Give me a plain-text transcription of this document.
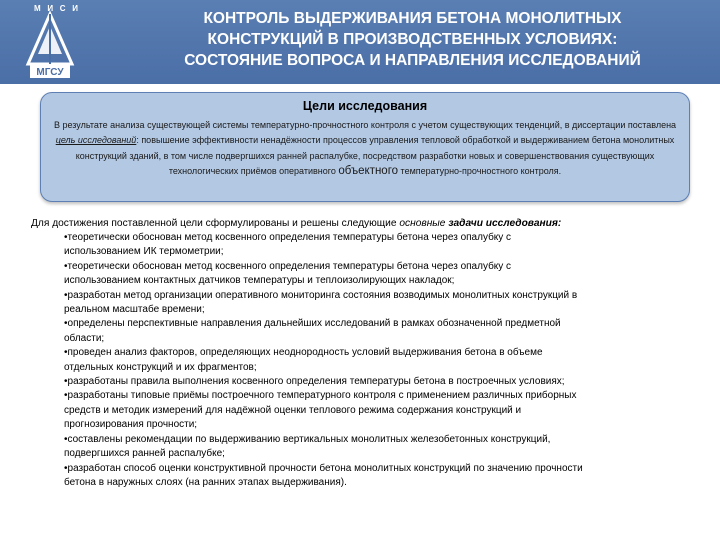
М И С И
МГСУ
КОНТРОЛЬ ВЫДЕРЖИВАНИЯ БЕТОНА МОНОЛИТНЫХ
КОНСТРУКЦИЙ В ПРОИЗВОДСТВЕННЫХ УСЛОВИЯХ:
СОСТОЯНИЕ ВОПРОСА И НАПРАВЛЕНИЯ ИССЛЕДОВАНИЙ
Цели исследования
В результате анализа существующей системы температурно-прочностного контроля с учетом существующих тенденций, в диссертации поставлена цель исследований: повышение эффективности ненадёжности процессов управления тепловой обработкой и выдерживанием бетона монолитных конструкций зданий, в том числе подвергшихся ранней распалубке, посредством разработки новых и совершенствования существующих технологических приёмов оперативного объектного температурно-прочностного контроля.
Для достижения поставленной цели сформулированы и решены следующие основные задачи исследования:
•теоретически обоснован метод косвенного определения температуры бетона через опалубку с
использованием ИК термометрии;
•теоретически обоснован метод косвенного определения температуры бетона через опалубку с
использованием контактных датчиков температуры и теплоизолирующих накладок;
•разработан метод организации оперативного мониторинга состояния возводимых монолитных конструкций в
реальном масштабе времени;
•определены перспективные направления дальнейших исследований в рамках обозначенной предметной
области;
•проведен анализ факторов, определяющих неоднородность условий выдерживания бетона в объеме
отдельных конструкций и их фрагментов;
•разработаны правила выполнения косвенного определения температуры бетона в построечных условиях;
•разработаны типовые приёмы построечного температурного контроля с применением различных приборных
средств и методик измерений для надёжной оценки теплового режима содержания конструкций и
прогнозирования прочности;
•составлены рекомендации по выдерживанию вертикальных монолитных железобетонных конструкций,
подвергшихся ранней распалубке;
•разработан способ оценки конструктивной прочности бетона монолитных конструкций по значению прочности
бетона в наружных слоях (на ранних этапах выдерживания).
